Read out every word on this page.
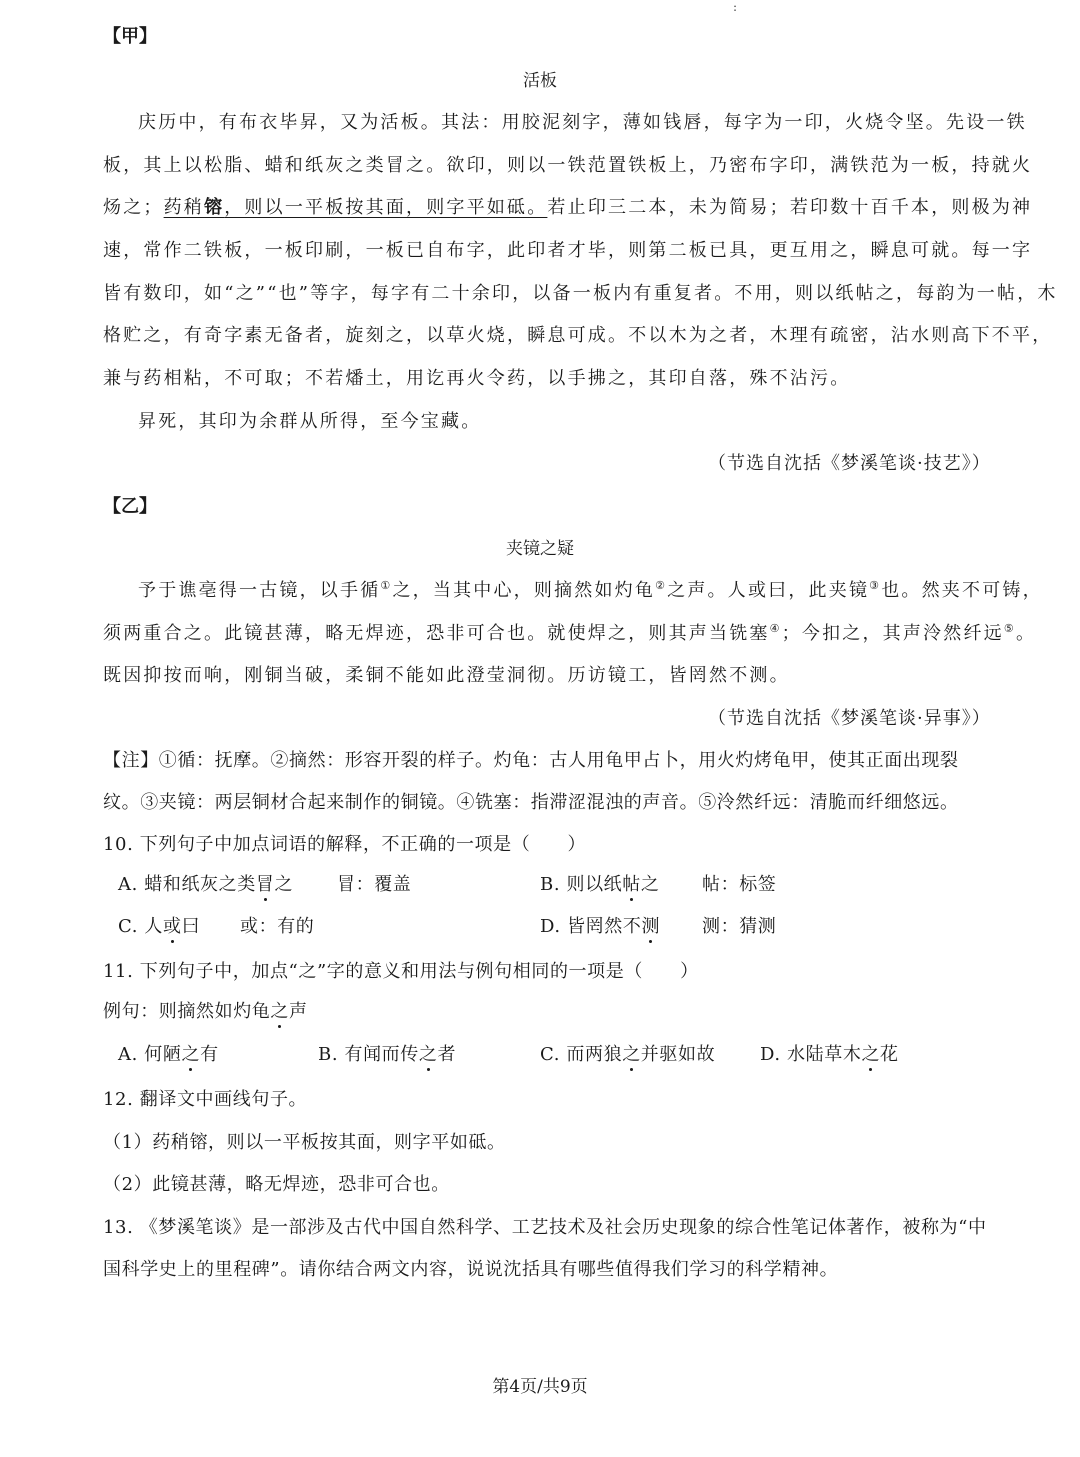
:
【甲】
活板
庆历中，有布衣毕昇，又为活板。其法：用胶泥刻字，薄如钱唇，每字为一印，火烧令坚。先设一铁
板，其上以松脂、蜡和纸灰之类冒之。欲印，则以一铁范置铁板上，乃密布字印，满铁范为一板，持就火
炀之；药稍镕，则以一平板按其面，则字平如砥。若止印三二本，未为简易；若印数十百千本，则极为神
速，常作二铁板，一板印刷，一板已自布字，此印者才毕，则第二板已具，更互用之，瞬息可就。每一字
皆有数印，如“之”“也”等字，每字有二十余印，以备一板内有重复者。不用，则以纸帖之，每韵为一帖，木
格贮之，有奇字素无备者，旋刻之，以草火烧，瞬息可成。不以木为之者，木理有疏密，沾水则高下不平，
兼与药相粘，不可取；不若燔土，用讫再火令药，以手拂之，其印自落，殊不沾污。
昇死，其印为余群从所得，至今宝藏。
（节选自沈括《梦溪笔谈·技艺》）
【乙】
夹镜之疑
予于谯亳得一古镜，以手循①之，当其中心，则摘然如灼龟②之声。人或曰，此夹镜③也。然夹不可铸，
须两重合之。此镜甚薄，略无焊迹，恐非可合也。就使焊之，则其声当铣塞④；今扣之，其声泠然纤远⑤。
既因抑按而响，刚铜当破，柔铜不能如此澄莹洞彻。历访镜工，皆罔然不测。
（节选自沈括《梦溪笔谈·异事》）
【注】①循：抚摩。②摘然：形容开裂的样子。灼龟：古人用龟甲占卜，用火灼烤龟甲，使其正面出现裂
纹。③夹镜：两层铜材合起来制作的铜镜。④铣塞：指滞涩混浊的声音。⑤泠然纤远：清脆而纤细悠远。
10. 下列句子中加点词语的解释，不正确的一项是（　　）
A. 蜡和纸灰之类冒之 冒：覆盖	B. 则以纸帖之 帖：标签
C. 人或曰 或：有的	D. 皆罔然不测 测：猜测
11. 下列句子中，加点“之”字的意义和用法与例句相同的一项是（　　）
例句：则摘然如灼龟之声
A. 何陋之有	B. 有闻而传之者	C. 而两狼之并驱如故 D. 水陆草木之花
12. 翻译文中画线句子。
（1）药稍镕，则以一平板按其面，则字平如砥。
（2）此镜甚薄，略无焊迹，恐非可合也。
13. 《梦溪笔谈》是一部涉及古代中国自然科学、工艺技术及社会历史现象的综合性笔记体著作，被称为“中
国科学史上的里程碑”。请你结合两文内容，说说沈括具有哪些值得我们学习的科学精神。
第4页/共9页
